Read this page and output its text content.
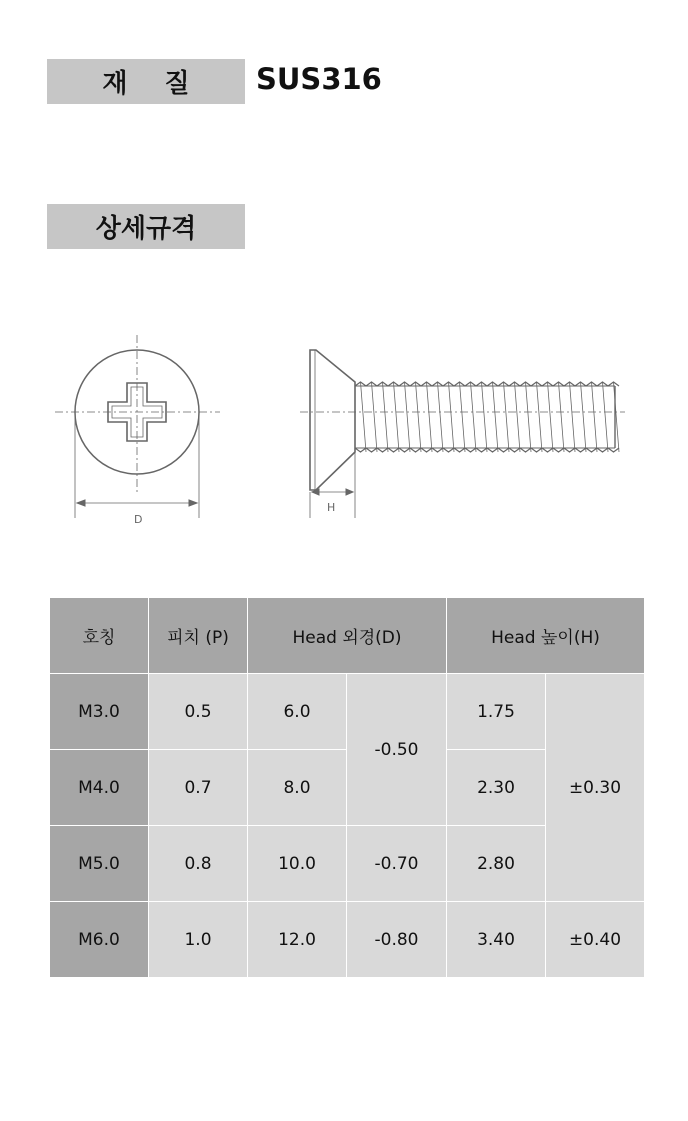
재 질	SUS316
상세규격
D
H
호칭	피치 (P)	Head 외경(D)		Head 높이(H)	
M3.0	0.5	6.0	-0.50	1.75	±0.30
M4.0	0.7	8.0		2.30	
M5.0	0.8	10.0	-0.70	2.80	
M6.0	1.0	12.0	-0.80	3.40	±0.40
